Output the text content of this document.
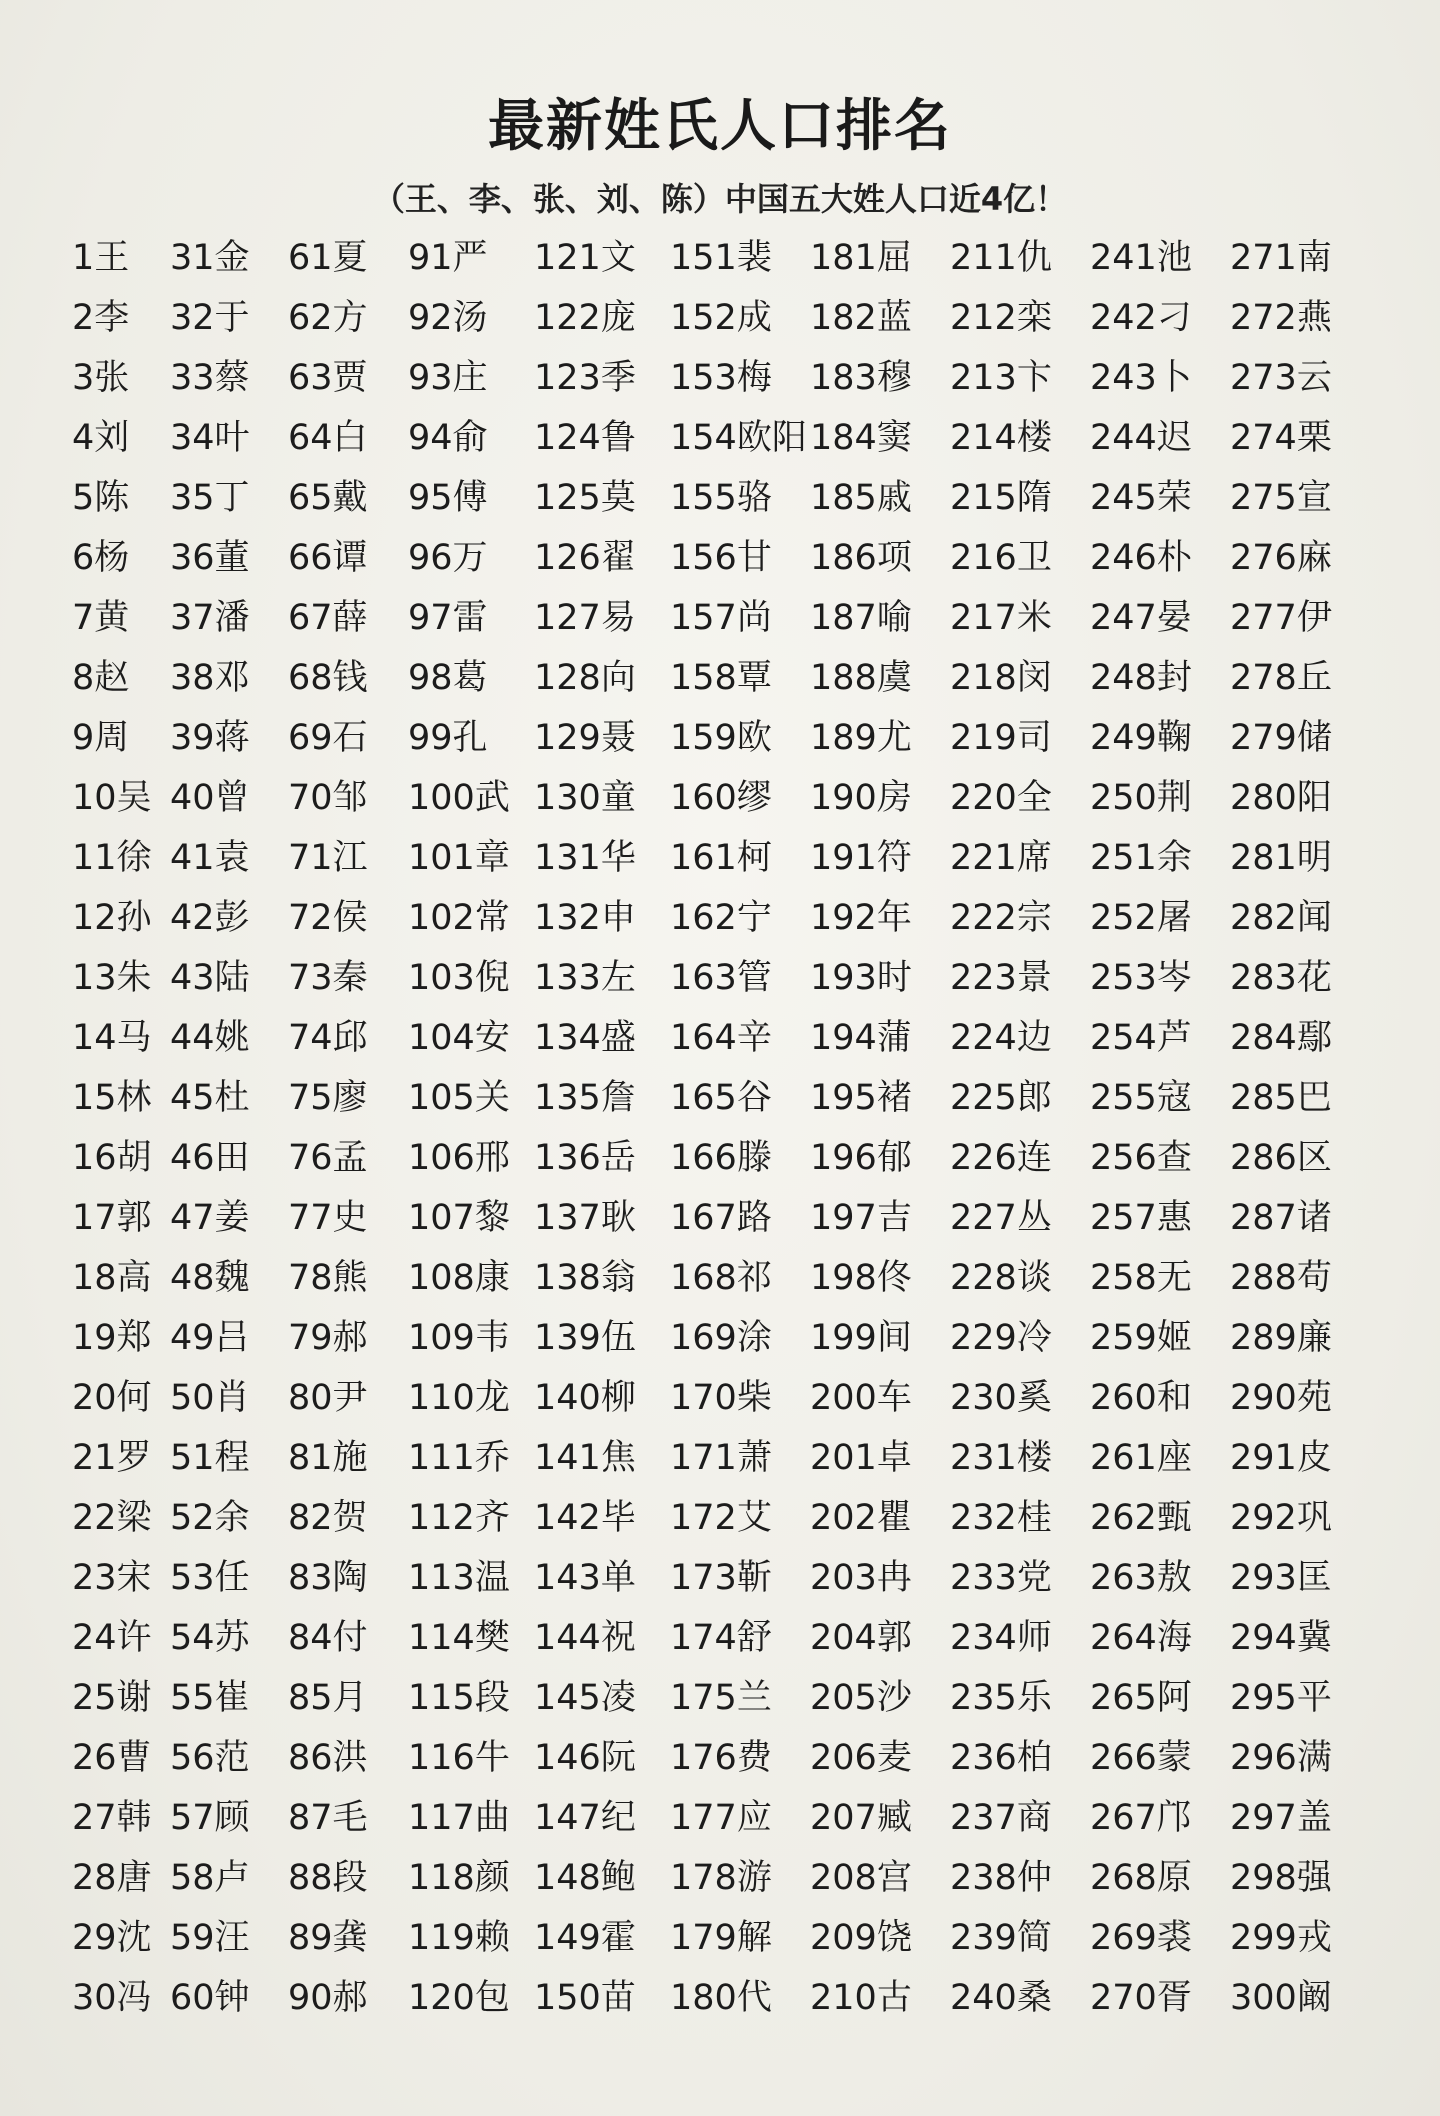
最新姓氏人口排名
（王、李、张、刘、陈）中国五大姓人口近4亿！
1王
2李
3张
4刘
5陈
6杨
7黄
8赵
9周
10吴
11徐
12孙
13朱
14马
15林
16胡
17郭
18高
19郑
20何
21罗
22梁
23宋
24许
25谢
26曹
27韩
28唐
29沈
30冯
31金
32于
33蔡
34叶
35丁
36董
37潘
38邓
39蒋
40曾
41袁
42彭
43陆
44姚
45杜
46田
47姜
48魏
49吕
50肖
51程
52余
53任
54苏
55崔
56范
57顾
58卢
59汪
60钟
61夏
62方
63贾
64白
65戴
66谭
67薛
68钱
69石
70邹
71江
72侯
73秦
74邱
75廖
76孟
77史
78熊
79郝
80尹
81施
82贺
83陶
84付
85月
86洪
87毛
88段
89龚
90郝
91严
92汤
93庄
94俞
95傅
96万
97雷
98葛
99孔
100武
101章
102常
103倪
104安
105关
106邢
107黎
108康
109韦
110龙
111乔
112齐
113温
114樊
115段
116牛
117曲
118颜
119赖
120包
121文
122庞
123季
124鲁
125莫
126翟
127易
128向
129聂
130童
131华
132申
133左
134盛
135詹
136岳
137耿
138翁
139伍
140柳
141焦
142毕
143单
144祝
145凌
146阮
147纪
148鲍
149霍
150苗
151裴
152成
153梅
154欧阳
155骆
156甘
157尚
158覃
159欧
160缪
161柯
162宁
163管
164辛
165谷
166滕
167路
168祁
169涂
170柴
171萧
172艾
173靳
174舒
175兰
176费
177应
178游
179解
180代
181屈
182蓝
183穆
184窦
185戚
186项
187喻
188虞
189尤
190房
191符
192年
193时
194蒲
195褚
196郁
197吉
198佟
199间
200车
201卓
202瞿
203冉
204郭
205沙
206麦
207臧
208宫
209饶
210古
211仇
212栾
213卞
214楼
215隋
216卫
217米
218闵
219司
220全
221席
222宗
223景
224边
225郎
226连
227丛
228谈
229冷
230奚
231楼
232桂
233党
234师
235乐
236柏
237商
238仲
239简
240桑
241池
242刁
243卜
244迟
245荣
246朴
247晏
248封
249鞠
250荆
251余
252屠
253岑
254芦
255寇
256查
257惠
258无
259姬
260和
261座
262甄
263敖
264海
265阿
266蒙
267邝
268原
269裘
270胥
271南
272燕
273云
274栗
275宣
276麻
277伊
278丘
279储
280阳
281明
282闻
283花
284鄢
285巴
286区
287诸
288苟
289廉
290苑
291皮
292巩
293匡
294冀
295平
296满
297盖
298强
299戎
300阚
